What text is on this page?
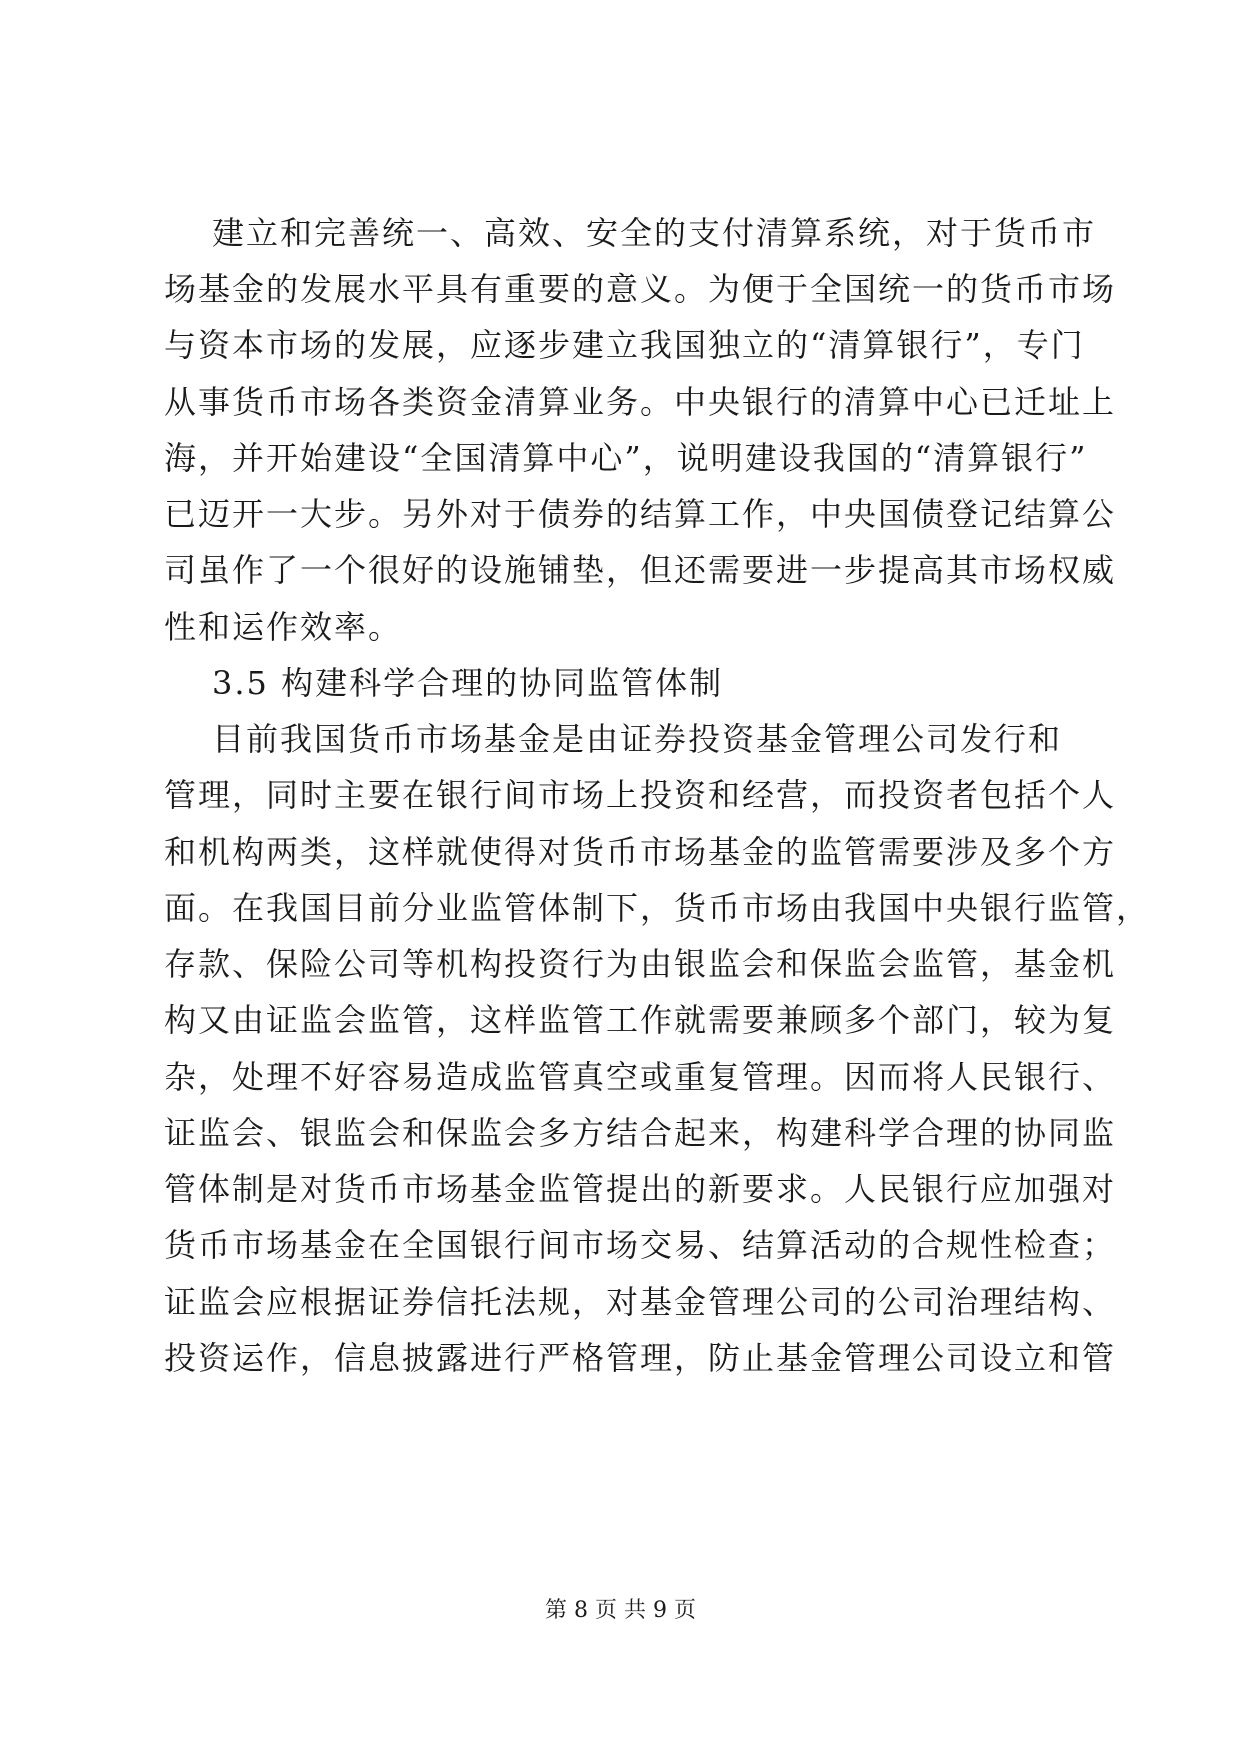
建立和完善统一、高效、安全的支付清算系统，对于货币市
场基金的发展水平具有重要的意义。为便于全国统一的货币市场
与资本市场的发展，应逐步建立我国独立的“清算银行”，专门
从事货币市场各类资金清算业务。中央银行的清算中心已迁址上
海，并开始建设“全国清算中心”，说明建设我国的“清算银行”
已迈开一大步。另外对于债券的结算工作，中央国债登记结算公
司虽作了一个很好的设施铺垫，但还需要进一步提高其市场权威
性和运作效率。
3.5 构建科学合理的协同监管体制
目前我国货币市场基金是由证券投资基金管理公司发行和
管理，同时主要在银行间市场上投资和经营，而投资者包括个人
和机构两类，这样就使得对货币市场基金的监管需要涉及多个方
面。在我国目前分业监管体制下，货币市场由我国中央银行监管，
存款、保险公司等机构投资行为由银监会和保监会监管，基金机
构又由证监会监管，这样监管工作就需要兼顾多个部门，较为复
杂，处理不好容易造成监管真空或重复管理。因而将人民银行、
证监会、银监会和保监会多方结合起来，构建科学合理的协同监
管体制是对货币市场基金监管提出的新要求。人民银行应加强对
货币市场基金在全国银行间市场交易、结算活动的合规性检查；
证监会应根据证券信托法规，对基金管理公司的公司治理结构、
投资运作，信息披露进行严格管理，防止基金管理公司设立和管
第 8 页 共 9 页
